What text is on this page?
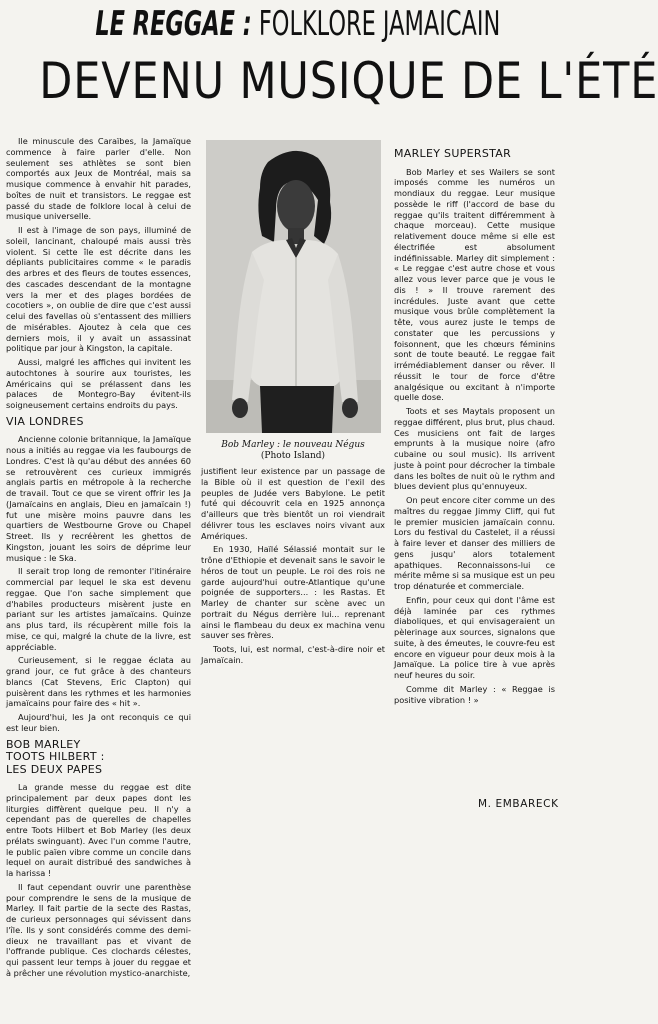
LE REGGAE : FOLKLORE JAMAICAIN
DEVENU MUSIQUE DE L'ÉTÉ

Ile minuscule des Caraïbes, la Jamaïque commence à faire parler d'elle. Non seulement ses athlètes se sont bien comportés aux Jeux de Montréal, mais sa musique commence à envahir hit parades, boîtes de nuit et transistors. Le reggae est passé du stade de folklore local à celui de musique universelle.

Il est à l'image de son pays, illuminé de soleil, lancinant, chaloupé mais aussi très violent. Si cette île est décrite dans les dépliants publicitaires comme « le paradis des arbres et des fleurs de toutes essences, des cascades descendant de la montagne vers la mer et des plages bordées de cocotiers », on oublie de dire que c'est aussi celui des favellas où s'entassent des milliers de misérables. Ajoutez à cela que ces derniers mois, il y avait un assassinat politique par jour à Kingston, la capitale.

Aussi, malgré les affiches qui invitent les autochtones à sourire aux touristes, les Américains qui se prélassent dans les palaces de Montegro-Bay évitent-ils soigneusement certains endroits du pays.

VIA LONDRES

Ancienne colonie britannique, la Jamaïque nous a initiés au reggae via les faubourgs de Londres. C'est là qu'au début des années 60 se retrouvèrent ces curieux immigrés anglais partis en métropole à la recherche de travail. Tout ce que se virent offrir les Ja (Jamaïcains en anglais, Dieu en jamaïcain !) fut une misère moins pauvre dans les quartiers de Westbourne Grove ou Chapel Street. Ils y recréèrent les ghettos de Kingston, jouant les soirs de déprime leur musique : le Ska.

Il serait trop long de remonter l'itinéraire commercial par lequel le ska est devenu reggae. Que l'on sache simplement que d'habiles producteurs misèrent juste en pariant sur les artistes jamaïcains. Quinze ans plus tard, ils récupèrent mille fois la mise, ce qui, malgré la chute de la livre, est appréciable.

Curieusement, si le reggae éclata au grand jour, ce fut grâce à des chanteurs blancs (Cat Stevens, Eric Clapton) qui puisèrent dans les rythmes et les harmonies jamaïcains pour faire des « hit ».

Aujourd'hui, les Ja ont reconquis ce qui est leur bien.

BOB MARLEY
TOOTS HILBERT :
LES DEUX PAPES

La grande messe du reggae est dite principalement par deux papes dont les liturgies diffèrent quelque peu. Il n'y a cependant pas de querelles de chapelles entre Toots Hilbert et Bob Marley (les deux prélats swinguant). Avec l'un comme l'autre, le public païen vibre comme un concile dans lequel on aurait distribué des sandwiches à la harissa !

Il faut cependant ouvrir une parenthèse pour comprendre le sens de la musique de Marley. Il fait partie de la secte des Rastas, de curieux personnages qui sévissent dans l'île. Ils y sont considérés comme des demi-dieux ne travaillant pas et vivant de l'offrande publique. Ces clochards célestes, qui passent leur temps à jouer du reggae et à prêcher une révolution mystico-anarchiste,

Bob Marley : le nouveau Négus
(Photo Island)

justifient leur existence par un passage de la Bible où il est question de l'exil des peuples de Judée vers Babylone. Le petit futé qui découvrit cela en 1925 annonça d'ailleurs que très bientôt un roi viendrait délivrer tous les esclaves noirs vivant aux Amériques.

En 1930, Haïlé Sélassié montait sur le trône d'Ethiopie et devenait sans le savoir le héros de tout un peuple. Le roi des rois ne garde aujourd'hui outre-Atlantique qu'une poignée de supporters... : les Rastas. Et Marley de chanter sur scène avec un portrait du Négus derrière lui... reprenant ainsi le flambeau du deux ex machina venu sauver ses frères.

Toots, lui, est normal, c'est-à-dire noir et Jamaïcain.

MARLEY SUPERSTAR

Bob Marley et ses Wailers se sont imposés comme les numéros un mondiaux du reggae. Leur musique possède le riff (l'accord de base du reggae qu'ils traitent différemment à chaque morceau). Cette musique relativement douce même si elle est électrifiée est absolument indéfinissable. Marley dit simplement : « Le reggae c'est autre chose et vous allez vous lever parce que je vous le dis ! » Il trouve rarement des incrédules. Juste avant que cette musique vous brûle complètement la tête, vous aurez juste le temps de constater que les percussions y foisonnent, que les chœurs féminins sont de toute beauté. Le reggae fait irrémédiablement danser ou rêver. Il réussit le tour de force d'être analgésique ou excitant à n'importe quelle dose.

Toots et ses Maytals proposent un reggae différent, plus brut, plus chaud. Ces musiciens ont fait de larges emprunts à la musique noire (afro cubaine ou soul music). Ils arrivent juste à point pour décrocher la timbale dans les boîtes de nuit où le rythm and blues devient plus qu'ennuyeux.

On peut encore citer comme un des maîtres du reggae Jimmy Cliff, qui fut le premier musicien jamaïcain connu. Lors du festival du Castelet, il a réussi à faire lever et danser des milliers de gens jusqu' alors totalement apathiques. Reconnaissons-lui ce mérite même si sa musique est un peu trop dénaturée et commerciale.

Enfin, pour ceux qui dont l'âme est déjà laminée par ces rythmes diaboliques, et qui envisageraient un pèlerinage aux sources, signalons que suite, à des émeutes, le couvre-feu est encore en vigueur pour deux mois à la Jamaïque. La police tire à vue après neuf heures du soir.

Comme dit Marley : « Reggae is positive vibration ! »

M. EMBARECK
